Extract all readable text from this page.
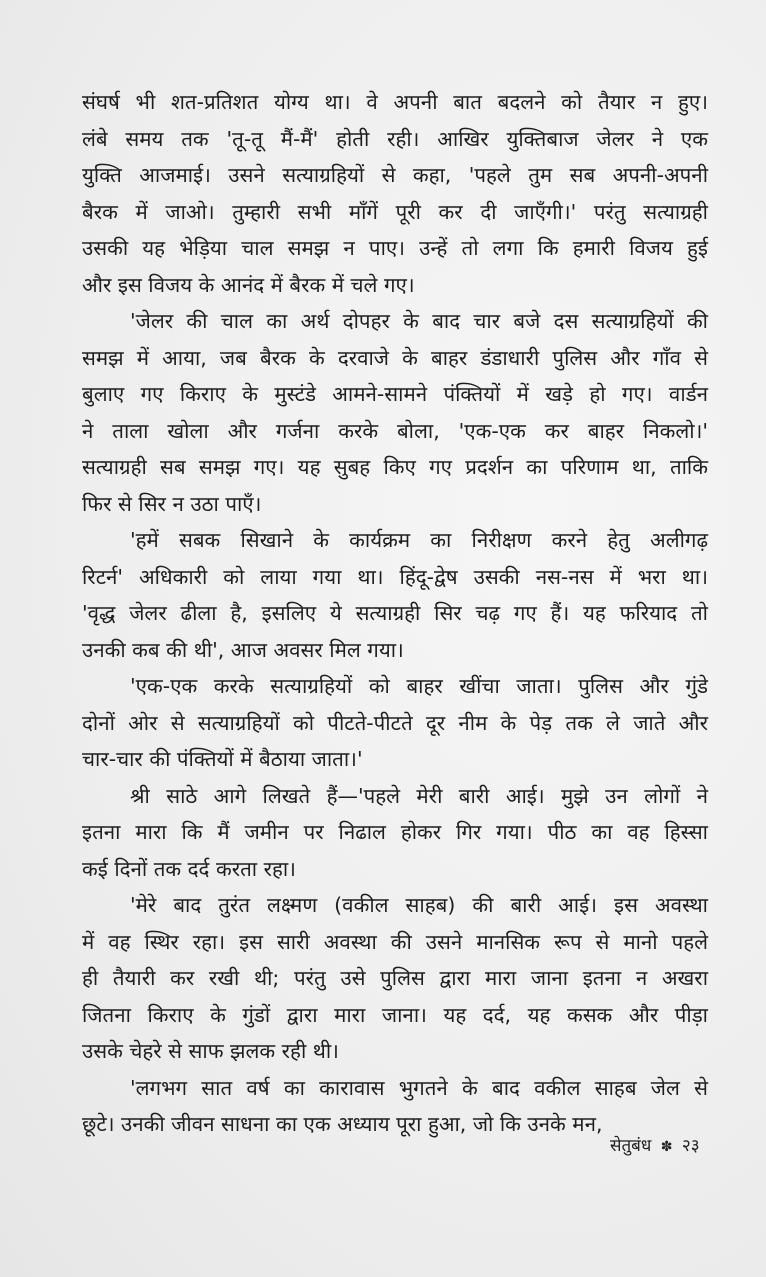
संघर्ष भी शत-प्रतिशत योग्य था। वे अपनी बात बदलने को तैयार न हुए।
लंबे समय तक 'तू-तू मैं-मैं' होती रही। आखिर युक्तिबाज जेलर ने एक
युक्ति आजमाई। उसने सत्याग्रहियों से कहा, 'पहले तुम सब अपनी-अपनी
बैरक में जाओ। तुम्हारी सभी माँगें पूरी कर दी जाएँगी।' परंतु सत्याग्रही
उसकी यह भेड़िया चाल समझ न पाए। उन्हें तो लगा कि हमारी विजय हुई
और इस विजय के आनंद में बैरक में चले गए।
'जेलर की चाल का अर्थ दोपहर के बाद चार बजे दस सत्याग्रहियों की
समझ में आया, जब बैरक के दरवाजे के बाहर डंडाधारी पुलिस और गाँव से
बुलाए गए किराए के मुस्टंडे आमने-सामने पंक्तियों में खड़े हो गए। वार्डन
ने ताला खोला और गर्जना करके बोला, 'एक-एक कर बाहर निकलो।'
सत्याग्रही सब समझ गए। यह सुबह किए गए प्रदर्शन का परिणाम था, ताकि
फिर से सिर न उठा पाएँ।
'हमें सबक सिखाने के कार्यक्रम का निरीक्षण करने हेतु अलीगढ़
रिटर्न' अधिकारी को लाया गया था। हिंदू-द्वेष उसकी नस-नस में भरा था।
'वृद्ध जेलर ढीला है, इसलिए ये सत्याग्रही सिर चढ़ गए हैं। यह फरियाद तो
उनकी कब की थी', आज अवसर मिल गया।
'एक-एक करके सत्याग्रहियों को बाहर खींचा जाता। पुलिस और गुंडे
दोनों ओर से सत्याग्रहियों को पीटते-पीटते दूर नीम के पेड़ तक ले जाते और
चार-चार की पंक्तियों में बैठाया जाता।'
श्री साठे आगे लिखते हैं—'पहले मेरी बारी आई। मुझे उन लोगों ने
इतना मारा कि मैं जमीन पर निढाल होकर गिर गया। पीठ का वह हिस्सा
कई दिनों तक दर्द करता रहा।
'मेरे बाद तुरंत लक्ष्मण (वकील साहब) की बारी आई। इस अवस्था
में वह स्थिर रहा। इस सारी अवस्था की उसने मानसिक रूप से मानो पहले
ही तैयारी कर रखी थी; परंतु उसे पुलिस द्वारा मारा जाना इतना न अखरा
जितना किराए के गुंडों द्वारा मारा जाना। यह दर्द, यह कसक और पीड़ा
उसके चेहरे से साफ झलक रही थी।
'लगभग सात वर्ष का कारावास भुगतने के बाद वकील साहब जेल से
छूटे। उनकी जीवन साधना का एक अध्याय पूरा हुआ, जो कि उनके मन,
सेतुबंध ✽ २३
